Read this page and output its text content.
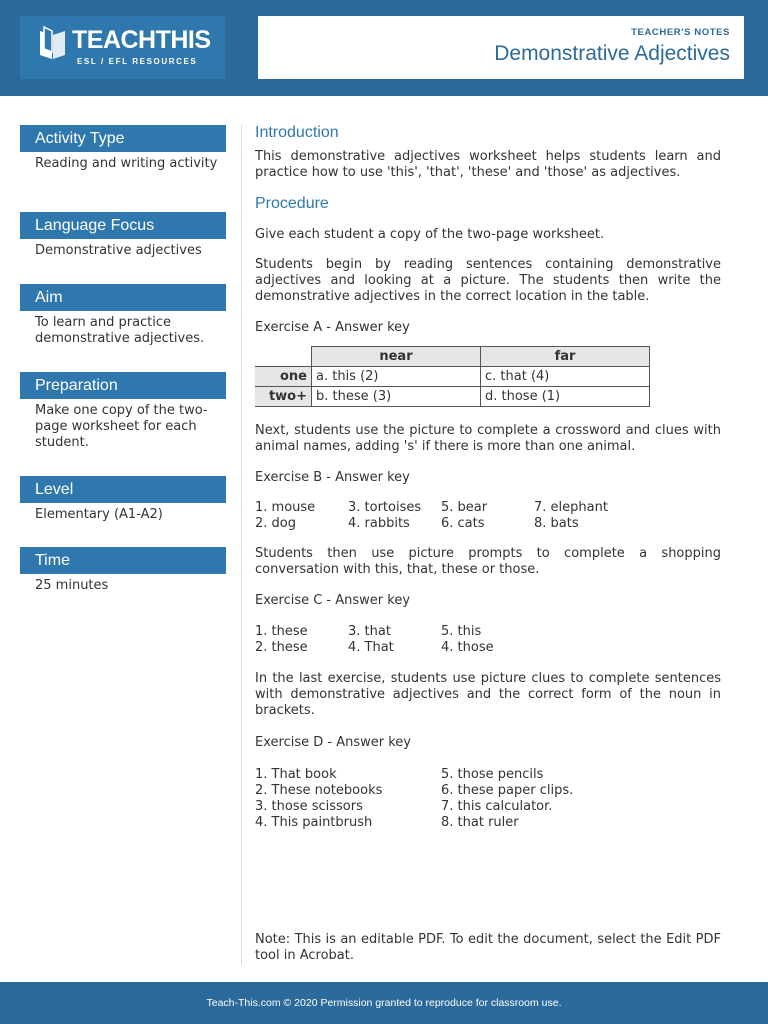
TEACHTHIS
ESL / EFL RESOURCES
TEACHER'S NOTES
Demonstrative Adjectives
Activity Type
Reading and writing activity
Language Focus
Demonstrative adjectives
Aim
To learn and practice demonstrative adjectives.
Preparation
Make one copy of the two-page worksheet for each student.
Level
Elementary (A1-A2)
Time
25 minutes
Introduction

This demonstrative adjectives worksheet helps students learn and practice how to use 'this', 'that', 'these' and 'those' as adjectives.

Procedure

Give each student a copy of the two-page worksheet.

Students begin by reading sentences containing demonstrative adjectives and looking at a picture. The students then write the demonstrative adjectives in the correct location in the table.

Exercise A - Answer key

	near	far
one	a. this (2)	c. that (4)
two+	b. these (3)	d. those (1)

Next, students use the picture to complete a crossword and clues with animal names, adding 's' if there is more than one animal.

Exercise B - Answer key

1. mouse	3. tortoises	5. bear	7. elephant
2. dog	4. rabbits	6. cats	8. bats

Students then use picture prompts to complete a shopping conversation with this, that, these or those.

Exercise C - Answer key

1. these	3. that	5. this
2. these	4. That	4. those

In the last exercise, students use picture clues to complete sentences with demonstrative adjectives and the correct form of the noun in brackets.

Exercise D - Answer key

1. That book	5. those pencils
2. These notebooks	6. these paper clips.
3. those scissors	7. this calculator.
4. This paintbrush	8. that ruler

Note: This is an editable PDF. To edit the document, select the Edit PDF tool in Acrobat.

Teach-This.com © 2020 Permission granted to reproduce for classroom use.
